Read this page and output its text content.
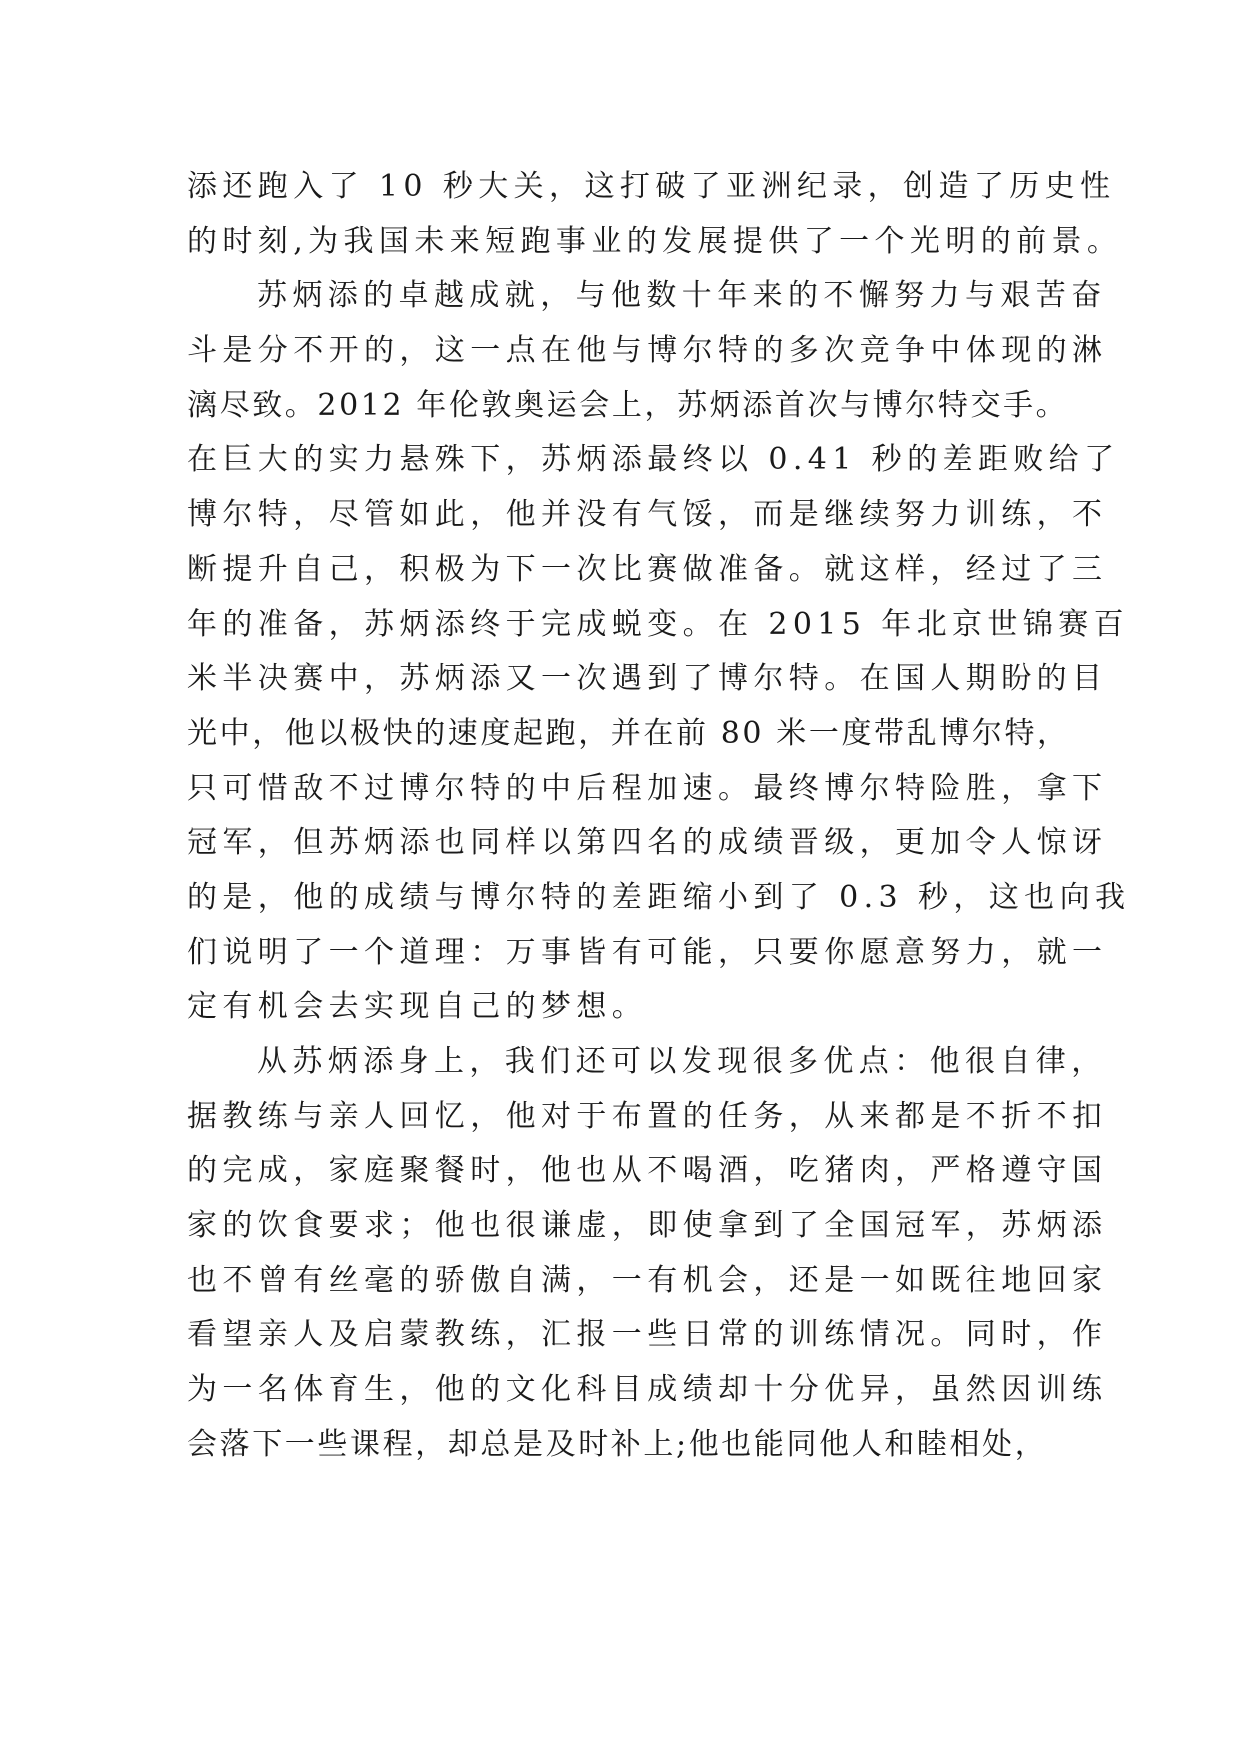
添还跑入了 10 秒大关，这打破了亚洲纪录，创造了历史性
的时刻,为我国未来短跑事业的发展提供了一个光明的前景。
苏炳添的卓越成就，与他数十年来的不懈努力与艰苦奋
斗是分不开的，这一点在他与博尔特的多次竞争中体现的淋
漓尽致。2012 年伦敦奥运会上，苏炳添首次与博尔特交手。
在巨大的实力悬殊下，苏炳添最终以 0.41 秒的差距败给了
博尔特，尽管如此，他并没有气馁，而是继续努力训练，不
断提升自己，积极为下一次比赛做准备。就这样，经过了三
年的准备，苏炳添终于完成蜕变。在 2015 年北京世锦赛百
米半决赛中，苏炳添又一次遇到了博尔特。在国人期盼的目
光中，他以极快的速度起跑，并在前 80 米一度带乱博尔特，
只可惜敌不过博尔特的中后程加速。最终博尔特险胜，拿下
冠军，但苏炳添也同样以第四名的成绩晋级，更加令人惊讶
的是，他的成绩与博尔特的差距缩小到了 0.3 秒，这也向我
们说明了一个道理：万事皆有可能，只要你愿意努力，就一
定有机会去实现自己的梦想。
从苏炳添身上，我们还可以发现很多优点：他很自律，
据教练与亲人回忆，他对于布置的任务，从来都是不折不扣
的完成，家庭聚餐时，他也从不喝酒，吃猪肉，严格遵守国
家的饮食要求；他也很谦虚，即使拿到了全国冠军，苏炳添
也不曾有丝毫的骄傲自满，一有机会，还是一如既往地回家
看望亲人及启蒙教练，汇报一些日常的训练情况。同时，作
为一名体育生，他的文化科目成绩却十分优异，虽然因训练
会落下一些课程，却总是及时补上;他也能同他人和睦相处，
